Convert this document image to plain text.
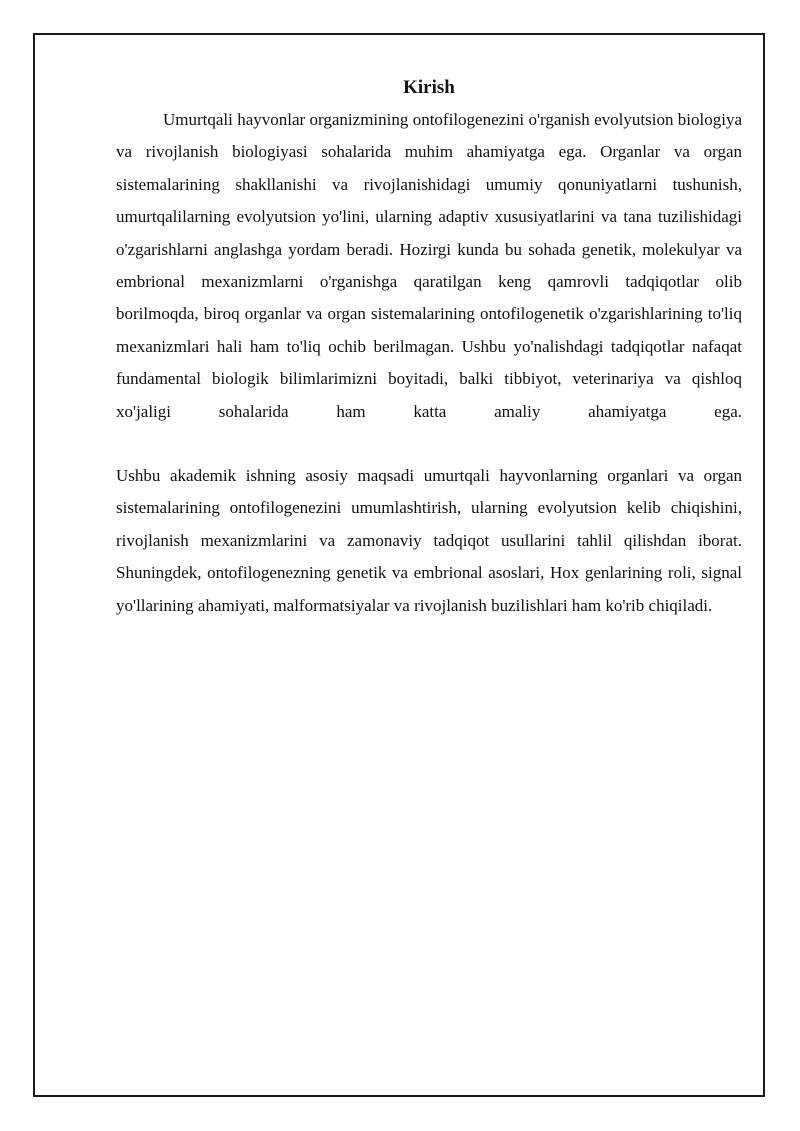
Kirish

Umurtqali hayvonlar organizmining ontofilogenezini o'rganish evolyutsion biologiya va rivojlanish biologiyasi sohalarida muhim ahamiyatga ega. Organlar va organ sistemalarining shakllanishi va rivojlanishidagi umumiy qonuniyatlarni tushunish, umurtqalilarning evolyutsion yo'lini, ularning adaptiv xususiyatlarini va tana tuzilishidagi o'zgarishlarni anglashga yordam beradi. Hozirgi kunda bu sohada genetik, molekulyar va embrional mexanizmlarni o'rganishga qaratilgan keng qamrovli tadqiqotlar olib borilmoqda, biroq organlar va organ sistemalarining ontofilogenetik o'zgarishlarining to'liq mexanizmlari hali ham to'liq ochib berilmagan. Ushbu yo'nalishdagi tadqiqotlar nafaqat fundamental biologik bilimlarimizni boyitadi, balki tibbiyot, veterinariya va qishloq xo'jaligi sohalarida ham katta amaliy ahamiyatga ega.

Ushbu akademik ishning asosiy maqsadi umurtqali hayvonlarning organlari va organ sistemalarining ontofilogenezini umumlashtirish, ularning evolyutsion kelib chiqishini, rivojlanish mexanizmlarini va zamonaviy tadqiqot usullarini tahlil qilishdan iborat. Shuningdek, ontofilogenezning genetik va embrional asoslari, Hox genlarining roli, signal yo'llarining ahamiyati, malformatsiyalar va rivojlanish buzilishlari ham ko'rib chiqiladi.
